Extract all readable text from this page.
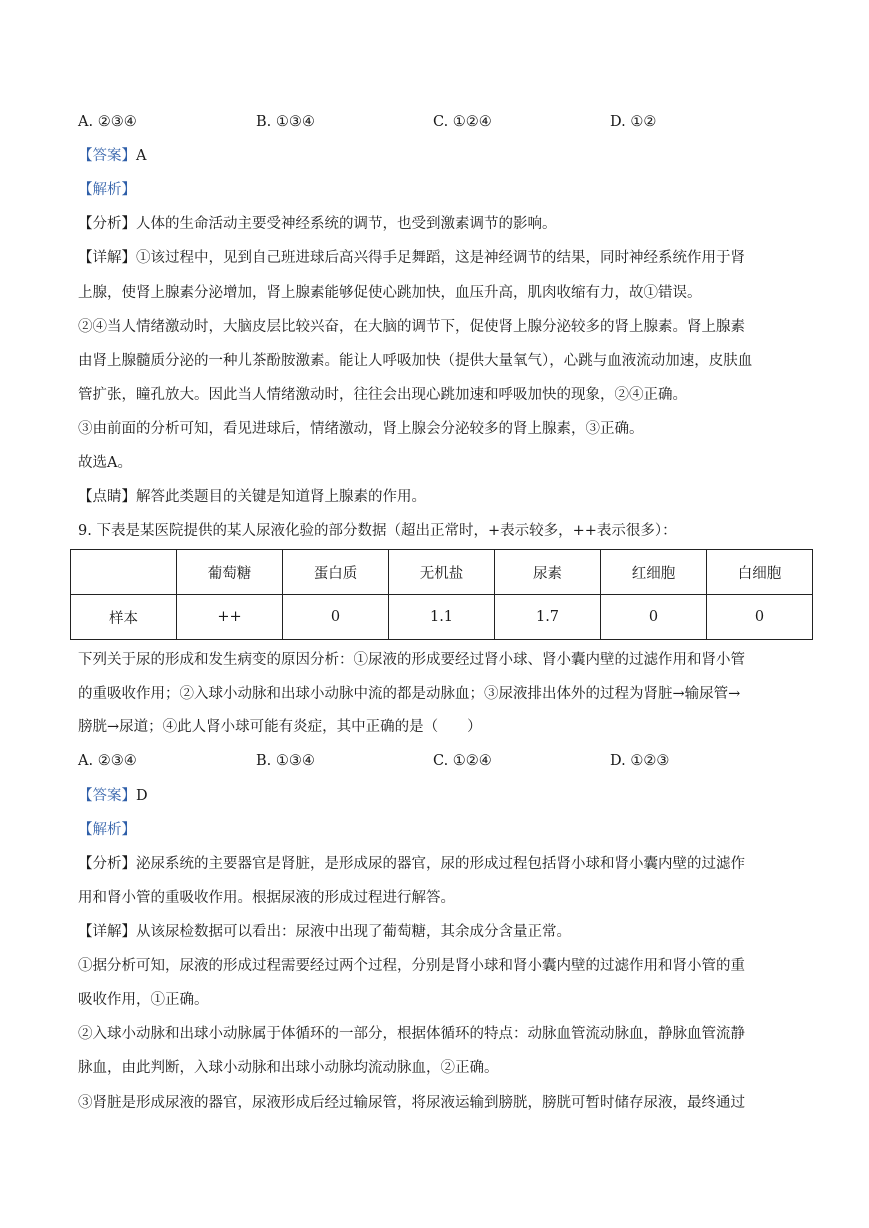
A. ②③④	B. ①③④	C. ①②④	D. ①②
【答案】A
【解析】
【分析】人体的生命活动主要受神经系统的调节，也受到激素调节的影响。
【详解】①该过程中，见到自己班进球后高兴得手足舞蹈，这是神经调节的结果，同时神经系统作用于肾
上腺，使肾上腺素分泌增加，肾上腺素能够促使心跳加快，血压升高，肌肉收缩有力，故①错误。
②④当人情绪激动时，大脑皮层比较兴奋，在大脑的调节下，促使肾上腺分泌较多的肾上腺素。肾上腺素
由肾上腺髓质分泌的一种儿茶酚胺激素。能让人呼吸加快（提供大量氧气），心跳与血液流动加速，皮肤血
管扩张，瞳孔放大。因此当人情绪激动时，往往会出现心跳加速和呼吸加快的现象，②④正确。
③由前面的分析可知，看见进球后，情绪激动，肾上腺会分泌较多的肾上腺素，③正确。
故选A。
【点睛】解答此类题目的关键是知道肾上腺素的作用。
9. 下表是某医院提供的某人尿液化验的部分数据（超出正常时，+表示较多，++表示很多）：
	葡萄糖	蛋白质	无机盐	尿素	红细胞	白细胞
样本	++	0	1.1	1.7	0	0
下列关于尿的形成和发生病变的原因分析：①尿液的形成要经过肾小球、肾小囊内壁的过滤作用和肾小管
的重吸收作用；②入球小动脉和出球小动脉中流的都是动脉血；③尿液排出体外的过程为肾脏→输尿管→
膀胱→尿道；④此人肾小球可能有炎症，其中正确的是（　　）
A. ②③④	B. ①③④	C. ①②④	D. ①②③
【答案】D
【解析】
【分析】泌尿系统的主要器官是肾脏，是形成尿的器官，尿的形成过程包括肾小球和肾小囊内壁的过滤作
用和肾小管的重吸收作用。根据尿液的形成过程进行解答。
【详解】从该尿检数据可以看出：尿液中出现了葡萄糖，其余成分含量正常。
①据分析可知，尿液的形成过程需要经过两个过程，分别是肾小球和肾小囊内壁的过滤作用和肾小管的重
吸收作用，①正确。
②入球小动脉和出球小动脉属于体循环的一部分，根据体循环的特点：动脉血管流动脉血，静脉血管流静
脉血，由此判断，入球小动脉和出球小动脉均流动脉血，②正确。
③肾脏是形成尿液的器官，尿液形成后经过输尿管，将尿液运输到膀胱，膀胱可暂时储存尿液，最终通过
